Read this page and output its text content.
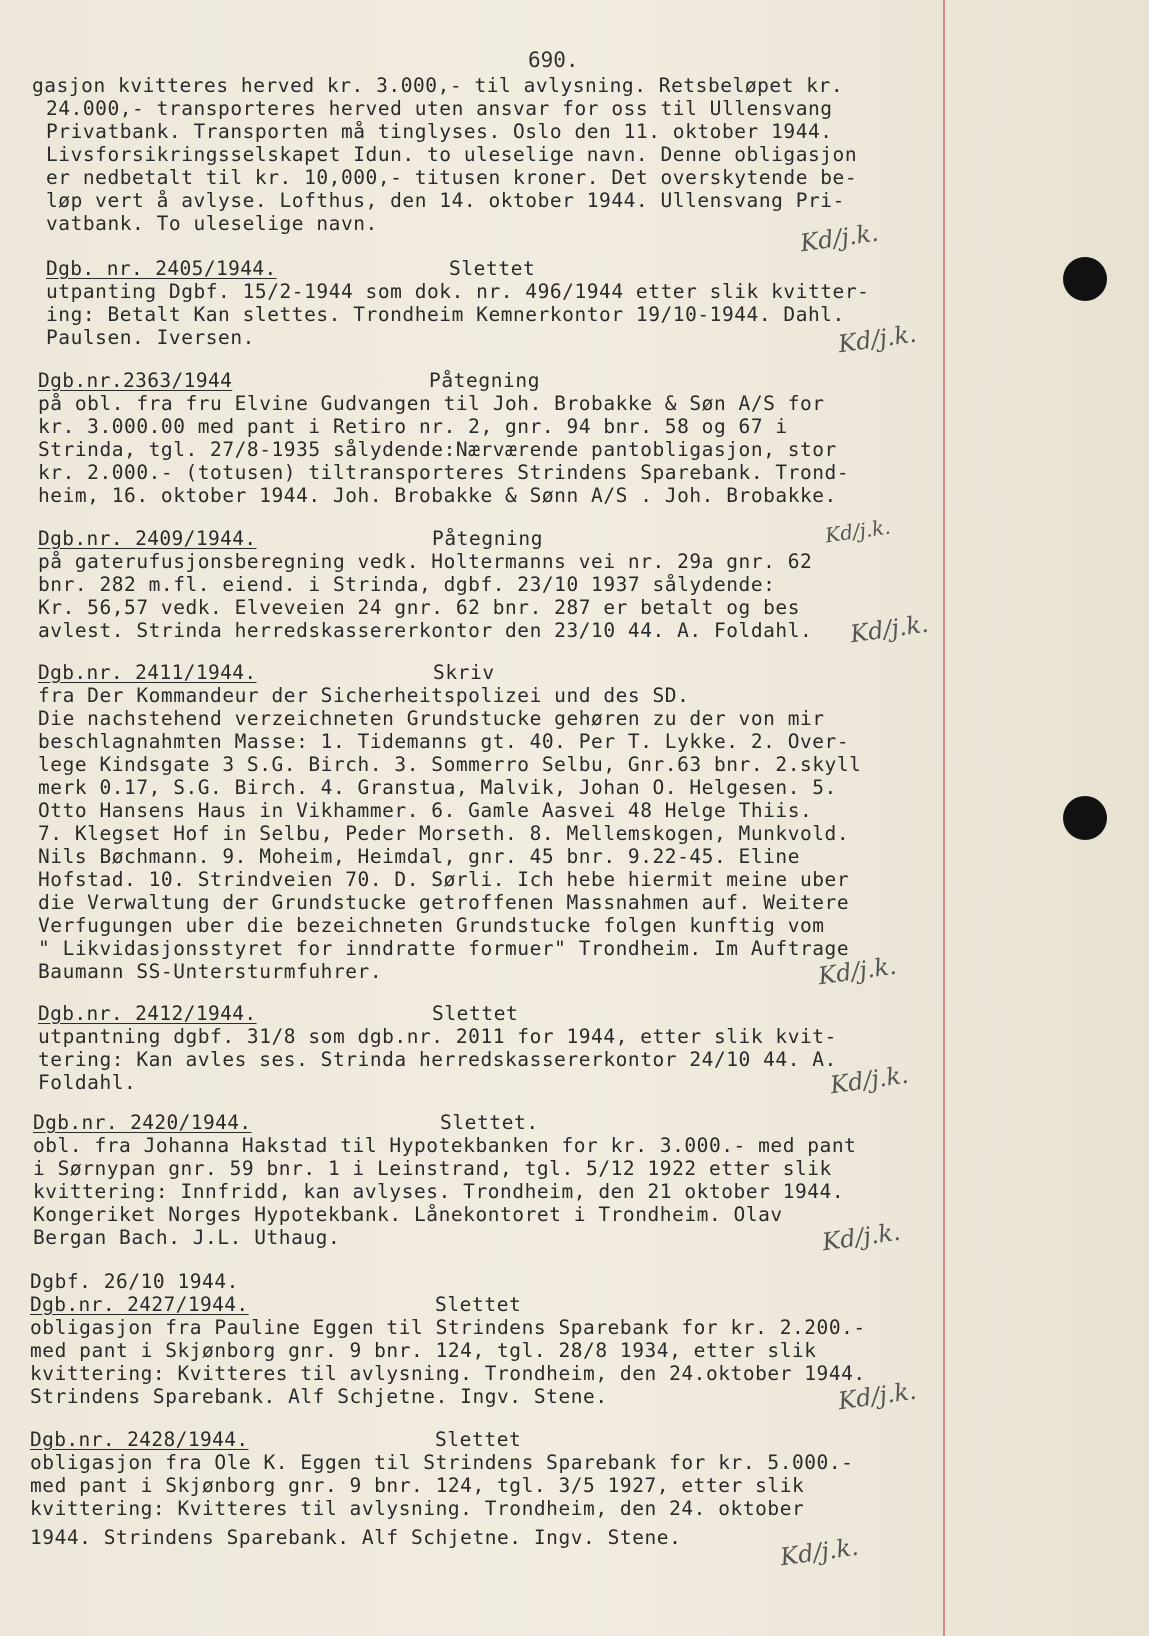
690.
gasjon kvitteres herved kr. 3.000,- til avlysning. Retsbeløpet kr.
24.000,- transporteres herved uten ansvar for oss til Ullensvang
Privatbank. Transporten må tinglyses. Oslo den 11. oktober 1944.
Livsforsikringsselskapet Idun. to uleselige navn. Denne obligasjon
er nedbetalt til kr. 10,000,- titusen kroner. Det overskytende be-
løp vert å avlyse. Lofthus, den 14. oktober 1944. Ullensvang Pri-
vatbank. To uleselige navn.	Kd/j.k.
Dgb. nr. 2405/1944.	Slettet
utpanting Dgbf. 15/2-1944 som dok. nr. 496/1944 etter slik kvitter-
ing: Betalt Kan slettes. Trondheim Kemnerkontor 19/10-1944. Dahl.
Paulsen. Iversen.	Kd/j.k.
Dgb.nr.2363/1944	Påtegning
på obl. fra fru Elvine Gudvangen til Joh. Brobakke & Søn A/S for
kr. 3.000.00 med pant i Retiro nr. 2, gnr. 94 bnr. 58 og 67 i
Strinda, tgl. 27/8-1935 sålydende:Nærværende pantobligasjon, stor
kr. 2.000.- (totusen) tiltransporteres Strindens Sparebank. Trond-
heim, 16. oktober 1944. Joh. Brobakke & Sønn A/S . Joh. Brobakke.
Dgb.nr. 2409/1944.	Påtegning	Kd/j.k.
på gaterufusjonsberegning vedk. Holtermanns vei nr. 29a gnr. 62
bnr. 282 m.fl. eiend. i Strinda, dgbf. 23/10 1937 sålydende:
Kr. 56,57 vedk. Elveveien 24 gnr. 62 bnr. 287 er betalt og bes
avlest. Strinda herredskassererkontor den 23/10 44. A. Foldahl. Kd/j.k.
Dgb.nr. 2411/1944.	Skriv
fra Der Kommandeur der Sicherheitspolizei und des SD.
Die nachstehend verzeichneten Grundstucke gehøren zu der von mir
beschlagnahmten Masse: 1. Tidemanns gt. 40. Per T. Lykke. 2. Over-
lege Kindsgate 3 S.G. Birch. 3. Sommerro Selbu, Gnr.63 bnr. 2.skyll
merk 0.17, S.G. Birch. 4. Granstua, Malvik, Johan O. Helgesen. 5.
Otto Hansens Haus in Vikhammer. 6. Gamle Aasvei 48 Helge Thiis.
7. Klegset Hof in Selbu, Peder Morseth. 8. Mellemskogen, Munkvold.
Nils Bøchmann. 9. Moheim, Heimdal, gnr. 45 bnr. 9.22-45. Eline
Hofstad. 10. Strindveien 70. D. Sørli. Ich hebe hiermit meine uber
die Verwaltung der Grundstucke getroffenen Massnahmen auf. Weitere
Verfugungen uber die bezeichneten Grundstucke folgen kunftig vom
" Likvidasjonsstyret for inndratte formuer" Trondheim. Im Auftrage
Baumann SS-Untersturmfuhrer.	Kd/j.k.
Dgb.nr. 2412/1944.	Slettet
utpantning dgbf. 31/8 som dgb.nr. 2011 for 1944, etter slik kvit-
tering: Kan avles ses. Strinda herredskassererkontor 24/10 44. A.
Foldahl.	Kd/j.k.
Dgb.nr. 2420/1944.	Slettet.
obl. fra Johanna Hakstad til Hypotekbanken for kr. 3.000.- med pant
i Sørnypan gnr. 59 bnr. 1 i Leinstrand, tgl. 5/12 1922 etter slik
kvittering: Innfridd, kan avlyses. Trondheim, den 21 oktober 1944.
Kongeriket Norges Hypotekbank. Lånekontoret i Trondheim. Olav
Bergan Bach. J.L. Uthaug.	Kd/j.k.
Dgbf. 26/10 1944.
Dgb.nr. 2427/1944.	Slettet
obligasjon fra Pauline Eggen til Strindens Sparebank for kr. 2.200.-
med pant i Skjønborg gnr. 9 bnr. 124, tgl. 28/8 1934, etter slik
kvittering: Kvitteres til avlysning. Trondheim, den 24.oktober 1944.
Strindens Sparebank. Alf Schjetne. Ingv. Stene.	Kd/j.k.
Dgb.nr. 2428/1944.	Slettet
obligasjon fra Ole K. Eggen til Strindens Sparebank for kr. 5.000.-
med pant i Skjønborg gnr. 9 bnr. 124, tgl. 3/5 1927, etter slik
kvittering: Kvitteres til avlysning. Trondheim, den 24. oktober
1944. Strindens Sparebank. Alf Schjetne. Ingv. Stene.	Kd/j.k.
